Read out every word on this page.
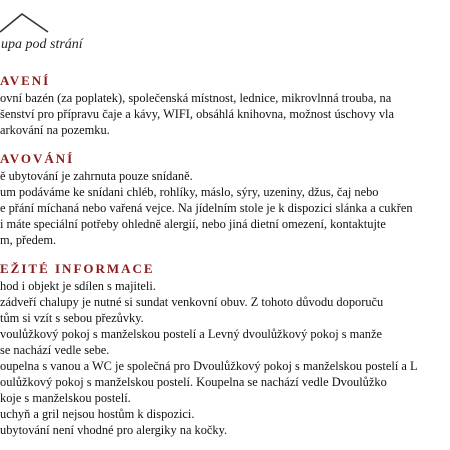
upa pod strání
AVENÍ
ovní bazén (za poplatek), společenská místnost, lednice, mikrovlnná trouba, na
šenství pro přípravu čaje a kávy, WIFI, obsáhlá knihovna, možnost úschovy vla
arkování na pozemku.
AVOVÁNÍ
ě ubytování je zahrnuta pouze snídaně.
um podáváme ke snídani chléb, rohlíky, máslo, sýry, uzeniny, džus, čaj nebo
e přání míchaná nebo vařená vejce. Na jídelním stole je k dispozici slánka a cukřen
i máte speciální potřeby ohledně alergií, nebo jiná dietní omezení, kontaktujte
m, předem.
EŽITÉ INFORMACE
hod i objekt je sdílen s majiteli.
zádveří chalupy je nutné si sundat venkovní obuv. Z tohoto důvodu doporuču
tům si vzít s sebou přezůvky.
voulůžkový pokoj s manželskou postelí a Levný dvoulůžkový pokoj s manže
se nachází vedle sebe.
oupelna s vanou a WC je společná pro Dvoulůžkový pokoj s manželskou postelí a L
oulůžkový pokoj s manželskou postelí. Koupelna se nachází vedle Dvoulůžko
koje s manželskou postelí.
uchyň a gril nejsou hostům k dispozici.
ubytování není vhodné pro alergiky na kočky.
